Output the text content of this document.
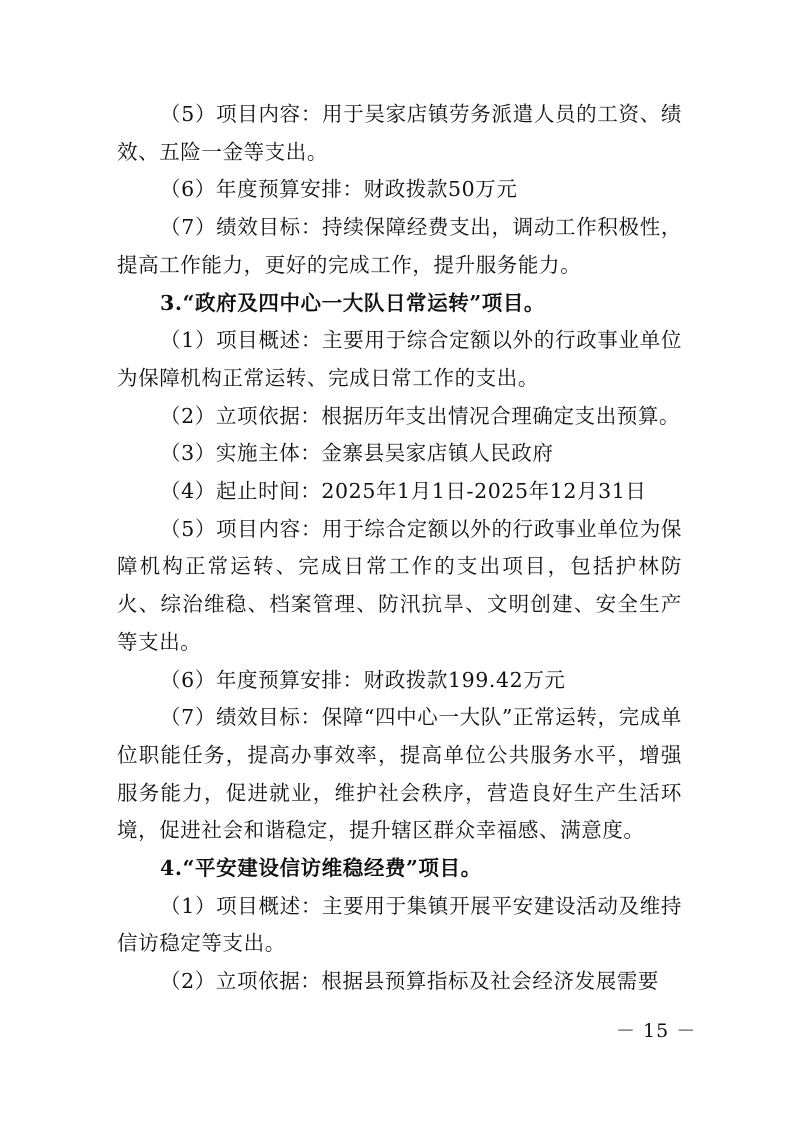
（5）项目内容：用于吴家店镇劳务派遣人员的工资、绩效、五险一金等支出。

（6）年度预算安排：财政拨款50万元

（7）绩效目标：持续保障经费支出，调动工作积极性，提高工作能力，更好的完成工作，提升服务能力。

3.“政府及四中心一大队日常运转”项目。

（1）项目概述：主要用于综合定额以外的行政事业单位为保障机构正常运转、完成日常工作的支出。

（2）立项依据：根据历年支出情况合理确定支出预算。

（3）实施主体：金寨县吴家店镇人民政府

（4）起止时间：2025年1月1日-2025年12月31日

（5）项目内容：用于综合定额以外的行政事业单位为保障机构正常运转、完成日常工作的支出项目，包括护林防火、综治维稳、档案管理、防汛抗旱、文明创建、安全生产等支出。

（6）年度预算安排：财政拨款199.42万元

（7）绩效目标：保障“四中心一大队”正常运转，完成单位职能任务，提高办事效率，提高单位公共服务水平，增强服务能力，促进就业，维护社会秩序，营造良好生产生活环境，促进社会和谐稳定，提升辖区群众幸福感、满意度。

4.“平安建设信访维稳经费”项目。

（1）项目概述：主要用于集镇开展平安建设活动及维持信访稳定等支出。

（2）立项依据：根据县预算指标及社会经济发展需要

－ 15 －
